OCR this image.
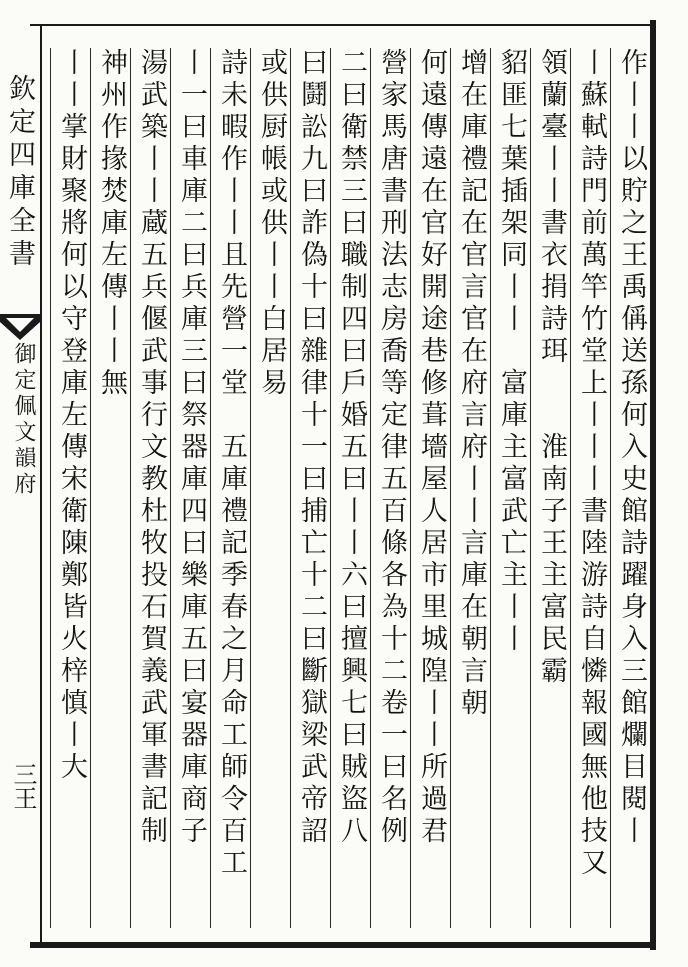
欽定四庫全書
御定佩文韻府
三王	作丨丨以貯之王禹偁送孫何入史館詩躍身入三館爛目閱丨
丨蘇軾詩門前萬竿竹堂上丨丨丨書陸游詩自憐報國無他技又
領蘭臺丨丨書衣捐詩珥　　淮南子王主富民霸
貂匪七葉插架同丨丨　富庫主富武亡主丨丨
增在庫禮記在官言官在府言府丨丨言庫在朝言朝
何遠傳遠在官好開途巷修葺墻屋人居市里城隍丨丨所過君
營家馬唐書刑法志房喬等定律五百條各為十二卷一曰名例
二曰衛禁三曰職制四曰戶婚五曰丨丨六曰擅興七曰賊盜八
曰鬪訟九曰詐偽十曰雜律十一曰捕亡十二曰斷獄梁武帝詔
或供厨帳或供丨丨白居易
詩未暇作丨丨且先營一堂　五庫禮記季春之月命工師令百工
丨一曰車庫二曰兵庫三曰祭器庫四曰樂庫五曰宴器庫商子
湯武築丨丨蔵五兵偃武事行文教杜牧投石賀義武軍書記制
神州作掾焚庫左傳丨丨無
丨丨掌財聚將何以守登庫左傳宋衛陳鄭皆火梓慎丨大
